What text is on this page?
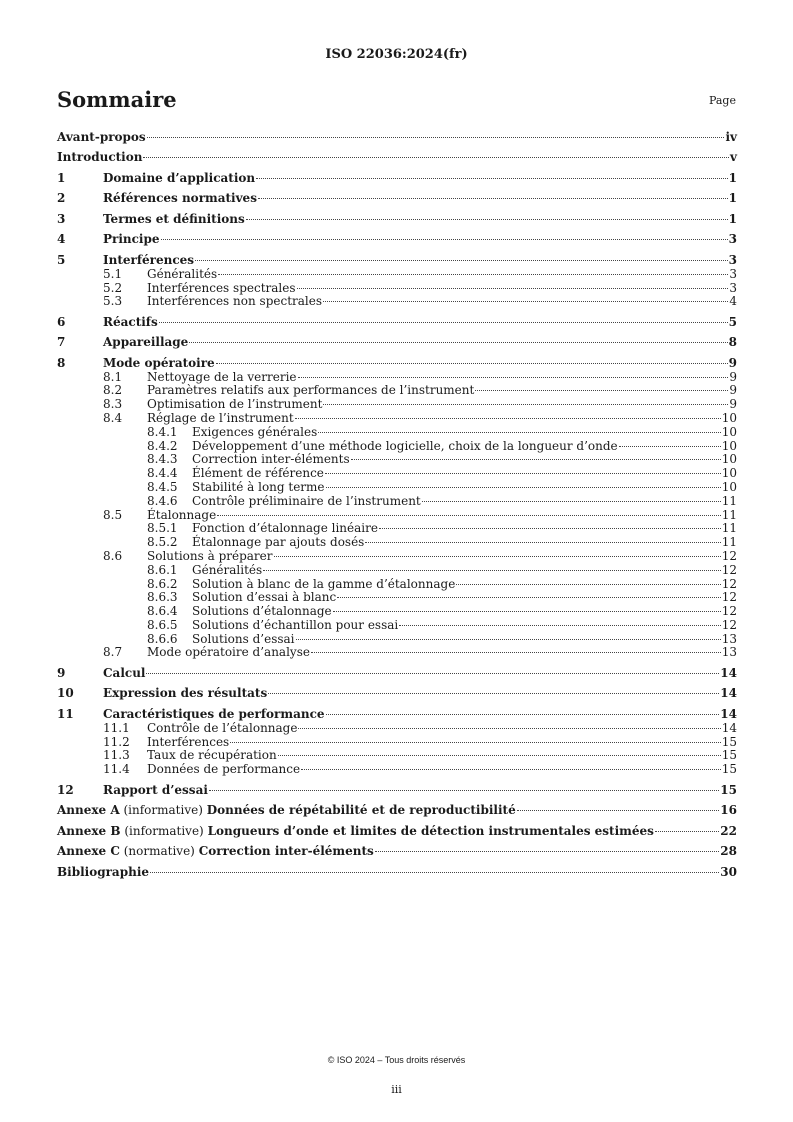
ISO 22036:2024(fr)
Sommaire	Page
Avant-propos	iv
Introduction	v
1	Domaine d’application	1
2	Références normatives	1
3	Termes et définitions	1
4	Principe	3
5	Interférences	3
5.1	Généralités	3
5.2	Interférences spectrales	3
5.3	Interférences non spectrales	4
6	Réactifs	5
7	Appareillage	8
8	Mode opératoire	9
8.1	Nettoyage de la verrerie	9
8.2	Paramètres relatifs aux performances de l’instrument	9
8.3	Optimisation de l’instrument	9
8.4	Réglage de l’instrument	10
8.4.1	Exigences générales	10
8.4.2	Développement d’une méthode logicielle, choix de la longueur d’onde	10
8.4.3	Correction inter-éléments	10
8.4.4	Élément de référence	10
8.4.5	Stabilité à long terme	10
8.4.6	Contrôle préliminaire de l’instrument	11
8.5	Étalonnage	11
8.5.1	Fonction d’étalonnage linéaire	11
8.5.2	Étalonnage par ajouts dosés	11
8.6	Solutions à préparer	12
8.6.1	Généralités	12
8.6.2	Solution à blanc de la gamme d’étalonnage	12
8.6.3	Solution d’essai à blanc	12
8.6.4	Solutions d’étalonnage	12
8.6.5	Solutions d’échantillon pour essai	12
8.6.6	Solutions d’essai	13
8.7	Mode opératoire d’analyse	13
9	Calcul	14
10	Expression des résultats	14
11	Caractéristiques de performance	14
11.1	Contrôle de l’étalonnage	14
11.2	Interférences	15
11.3	Taux de récupération	15
11.4	Données de performance	15
12	Rapport d’essai	15
Annexe A (informative) Données de répétabilité et de reproductibilité	16
Annexe B (informative) Longueurs d’onde et limites de détection instrumentales estimées	22
Annexe C (normative) Correction inter-éléments	28
Bibliographie	30
© ISO 2024 – Tous droits réservés
iii
